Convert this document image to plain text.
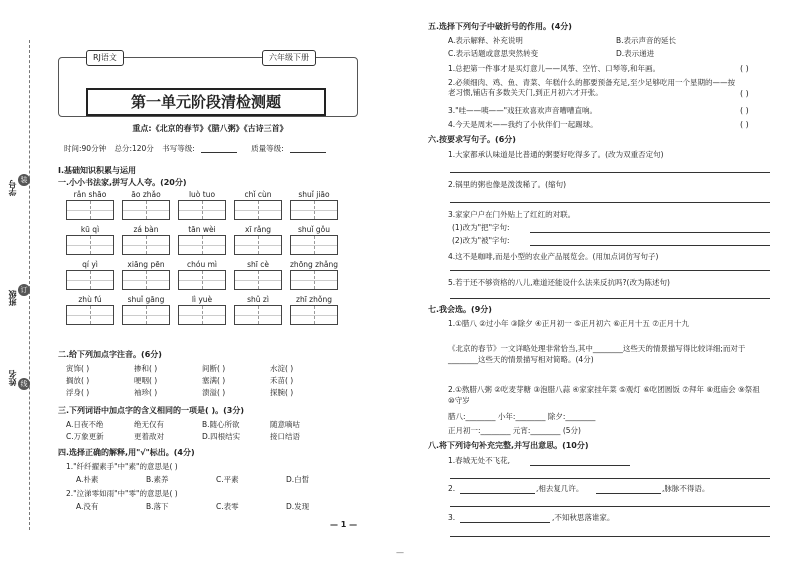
学号 装
班级 订
姓名 线
RJ语文	六年级下册
第一单元阶段清检测题
重点:《北京的春节》《腊八粥》《古诗三首》
时间:90分钟 总分:120分 书写等级:	质量等级:
Ⅰ.基础知识积累与运用
一.小小书法家,拼写人人夸。(20分)
rǎn shāo	āo zhǎo	luò tuo	chǐ cùn	shuǐ jiāo
kū qì	zá bàn	tān wèi	xī rǎng	shuǐ gǒu
qí yì	xiāng pēn	chóu mì	shī cè	zhōng zhǎng
zhù fú	shuǐ gāng	lì yuè	shǔ zì	zhī zhǒng
二.给下列加点字注音。(6分)
寅饰( )	掺和( )	间断( )	水淀( )
搁放( )	哽咽( )	塞满( )	禾苗( )
浮身( )	袖珍( )	溃溢( )	探腕( )
三.下列词语中加点字的含义相同的一项是( )。(3分)
A.日夜不绝	绝无仅有	B.随心所欲	随意嘀咕
C.万象更新	更着敌对	D.四根结实	接口结语
四.选择正确的解释,用"√"标出。(4分)
1."纤纤擢素手"中"素"的意思是( )
A.朴素	B.素养	C.平素	D.白皙
2."泣涕零如雨"中"零"的意思是( )
A.没有	B.落下	C.表零	D.发现
— 1 —
五.选择下列句子中破折号的作用。(4分)
A.表示解释、补充说明	B.表示声音的延长
C.表示话题或意思突然转变	D.表示递进
1.总把第一件事才是买灯意儿——风筝、空竹、口琴等,和年画。	( )
2.必须细肉、鸡、鱼、青菜、年糕什么的都要预备充足,至少足够吃用一个星期的——按老习惯,铺店有多数关天门,到正月初六才开张。	( )
3."哇——咦——"戏狂欢喜欢声音嘈嘈直响。	( )
4.今天是周末——我约了小伙伴们一起踢球。	( )
六.按要求写句子。(6分)
1.大家都承认味道是比普通的粥要好吃得多了。(改为双重否定句)
2.锅里的粥也像是泼泼稀了。(缩句)
3.家家户户在门外贴上了红红的对联。
(1)改为"把"字句:
(2)改为"被"字句:
4.这不是咖啡,而是小型的农业产品展览会。(用加点词仿写句子)
5.若于还不够资格的八儿,难道还能设什么法来反抗吗?(改为陈述句)
七.我会选。(9分)
1.①腊八 ②过小年 ③除夕 ④正月初一 ⑤正月初六 ⑥正月十五 ⑦正月十九
《北京的春节》一文详略处理非常恰当,其中________这些天的情景描写得比较详细;而对于________这些天的情景描写相对简略。(4分)
2.①熬腊八粥 ②吃麦芽糖 ③泡腊八蒜 ④家家挂年菜 ⑤观灯 ⑥吃团圆饭 ⑦拜年 ⑧逛庙会 ⑨祭祖 ⑩守岁
腊八:________ 小年:________ 除夕:________
正月初一:________ 元宵:________ (5分)
八.将下列诗句补充完整,并写出意思。(10分)
1.春城无处不飞花,
2.	,相去复几许。	,脉脉不得语。
3.	,不知秋思落谁家。
—
